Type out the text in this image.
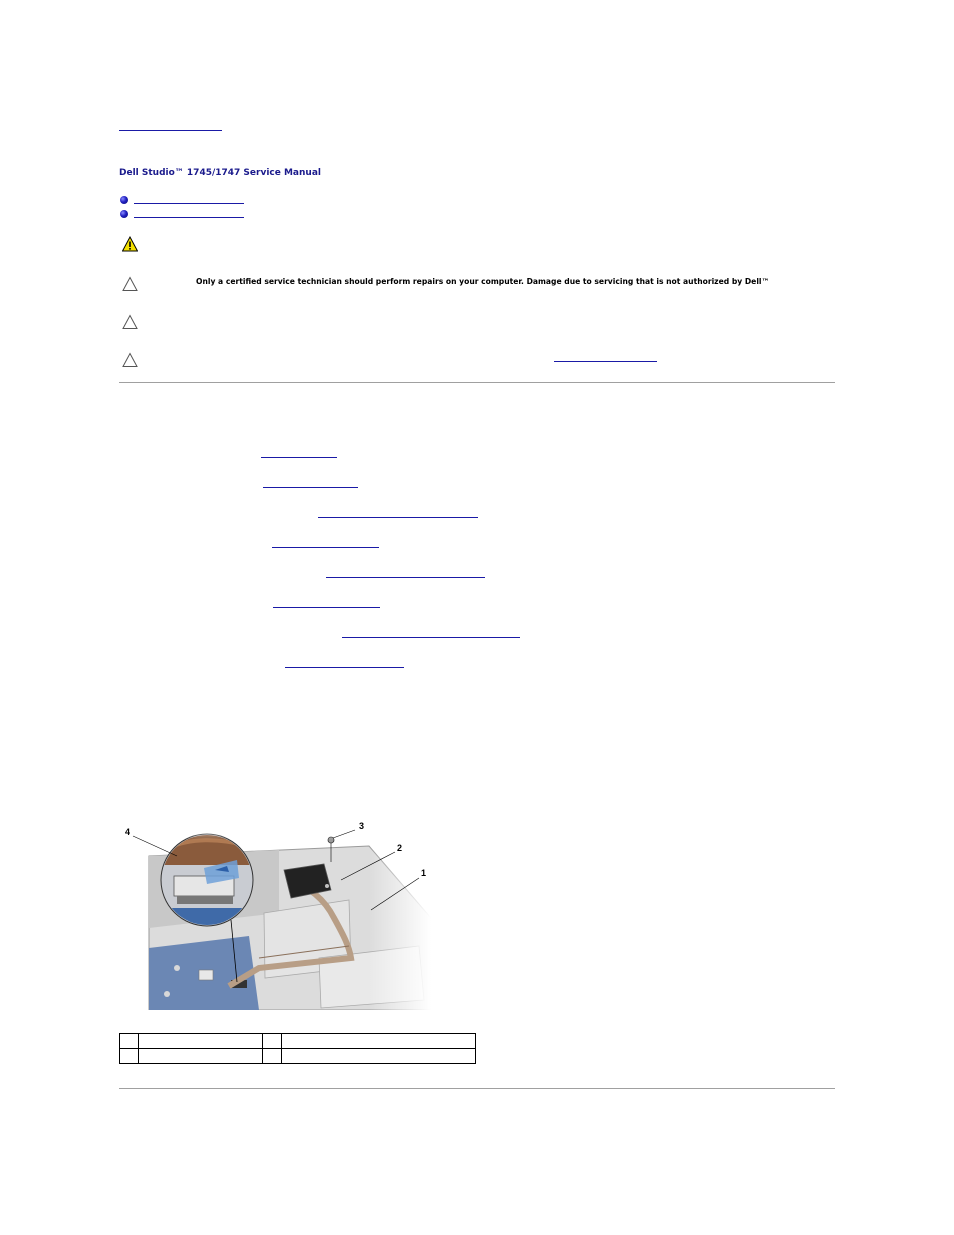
Dell Studio™ 1745/1747 Service Manual
Only a certified service technician should perform repairs on your computer. Damage due to servicing that is not authorized by Dell™
4
3
2
1
